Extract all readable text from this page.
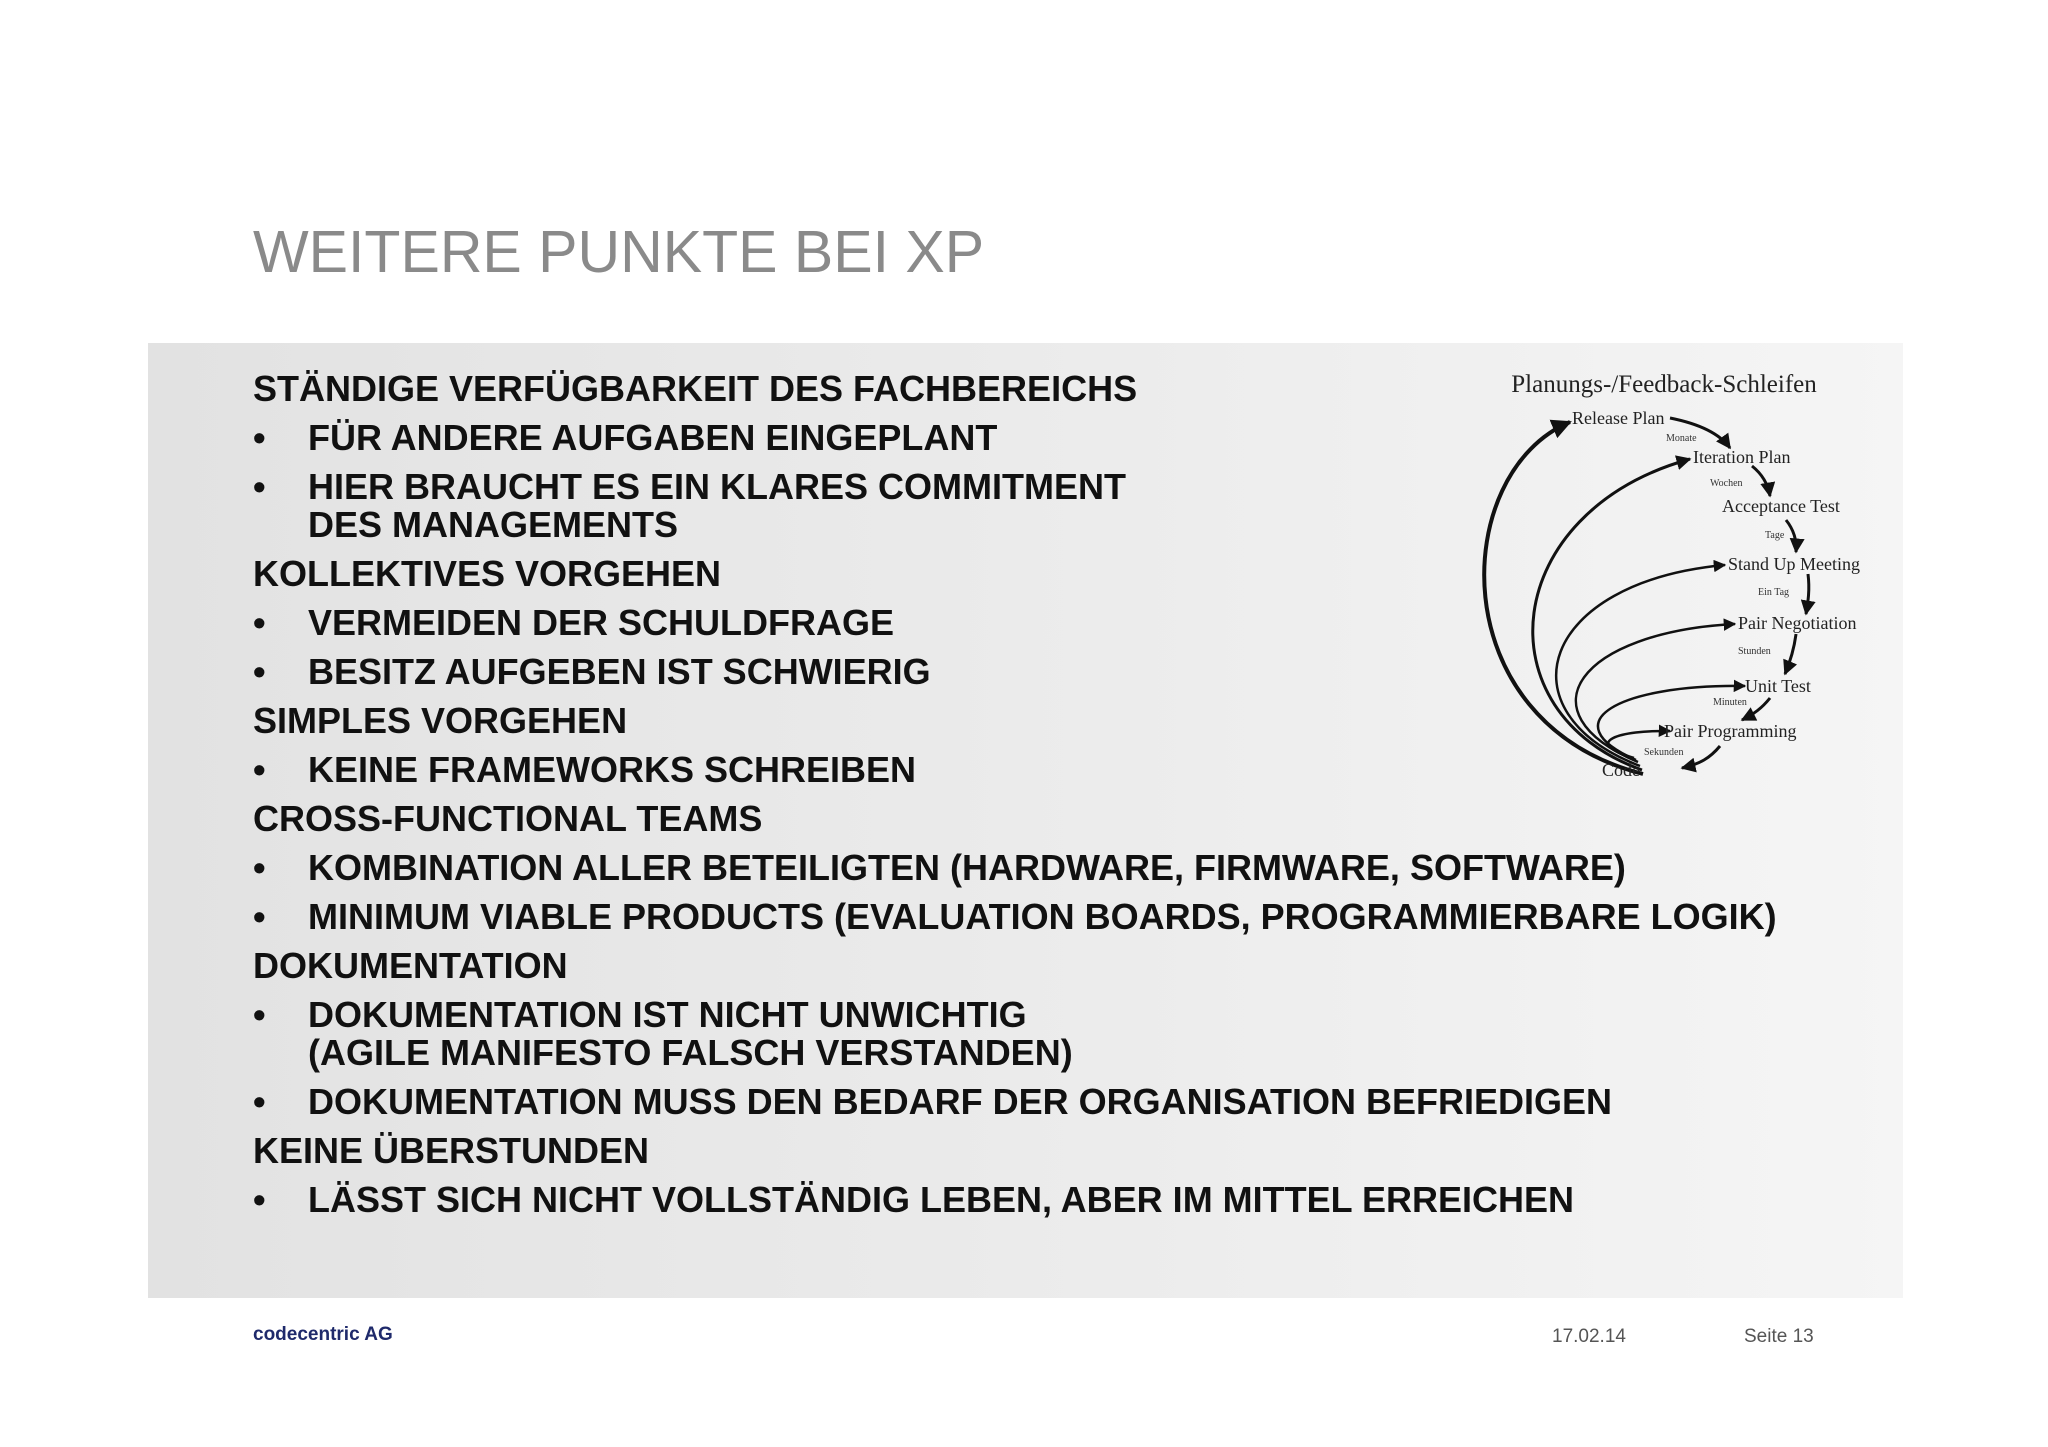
WEITERE PUNKTE BEI XP
STÄNDIGE VERFÜGBARKEIT DES FACHBEREICHS
• FÜR ANDERE AUFGABEN EINGEPLANT
• HIER BRAUCHT ES EIN KLARES COMMITMENT
DES MANAGEMENTS
KOLLEKTIVES VORGEHEN
• VERMEIDEN DER SCHULDFRAGE
• BESITZ AUFGEBEN IST SCHWIERIG
SIMPLES VORGEHEN
• KEINE FRAMEWORKS SCHREIBEN
CROSS-FUNCTIONAL TEAMS
• KOMBINATION ALLER BETEILIGTEN (HARDWARE, FIRMWARE, SOFTWARE)
• MINIMUM VIABLE PRODUCTS (EVALUATION BOARDS, PROGRAMMIERBARE LOGIK)
DOKUMENTATION
• DOKUMENTATION IST NICHT UNWICHTIG
(AGILE MANIFESTO FALSCH VERSTANDEN)
• DOKUMENTATION MUSS DEN BEDARF DER ORGANISATION BEFRIEDIGEN
KEINE ÜBERSTUNDEN
• LÄSST SICH NICHT VOLLSTÄNDIG LEBEN, ABER IM MITTEL ERREICHEN
Planungs-/Feedback-Schleifen
Release Plan
Iteration Plan
Acceptance Test
Stand Up Meeting
Pair Negotiation
Unit Test
Pair Programming
Code
Monate
Wochen
Tage
Ein Tag
Stunden
Minuten
Sekunden
codecentric AG	17.02.14	Seite 13
